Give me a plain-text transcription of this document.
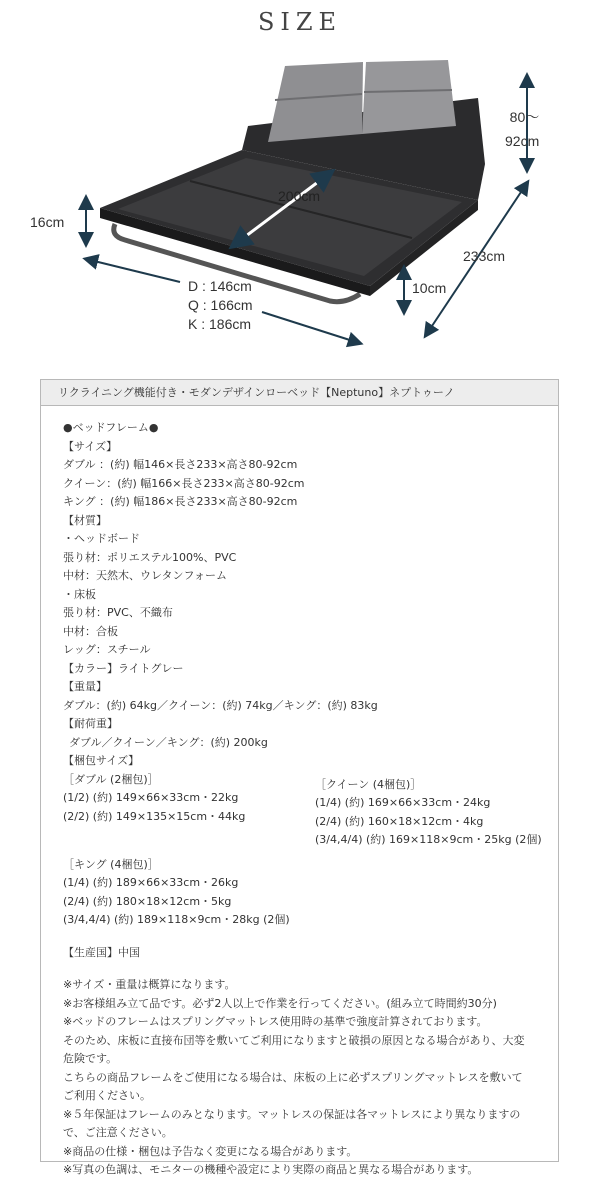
SIZE
80～
92cm
200cm
16cm
233cm
10cm
D : 146cm
Q : 166cm
K : 186cm
リクライニング機能付き・モダンデザインローベッド【Neptuno】ネプトゥーノ
●ベッドフレーム●
【サイズ】
ダブル ：(約) 幅146×長さ233×高さ80-92cm
クイーン：(約) 幅166×長さ233×高さ80-92cm
キング ：(約) 幅186×長さ233×高さ80-92cm
【材質】
・ヘッドボード
張り材：ポリエステル100%、PVC
中材：天然木、ウレタンフォーム
・床板
張り材：PVC、不織布
中材：合板
レッグ：スチール
【カラー】ライトグレー
【重量】
ダブル：(約) 64kg／クイーン：(約) 74kg／キング：(約) 83kg
【耐荷重】
ダブル／クイーン／キング：(約) 200kg
【梱包サイズ】
［ダブル (2梱包)］
(1/2) (約) 149×66×33cm・22kg
(2/2) (約) 149×135×15cm・44kg
［クイーン (4梱包)］
(1/4) (約) 169×66×33cm・24kg
(2/4) (約) 160×18×12cm・4kg
(3/4,4/4) (約) 169×118×9cm・25kg (2個)
［キング (4梱包)］
(1/4) (約) 189×66×33cm・26kg
(2/4) (約) 180×18×12cm・5kg
(3/4,4/4) (約) 189×118×9cm・28kg (2個)
【生産国】中国
※サイズ・重量は概算になります。
※お客様組み立て品です。必ず2人以上で作業を行ってください。(組み立て時間約30分)
※ベッドのフレームはスプリングマットレス使用時の基準で強度計算されております。
そのため、床板に直接布団等を敷いてご利用になりますと破損の原因となる場合があり、大変危険です。
こちらの商品フレームをご使用になる場合は、床板の上に必ずスプリングマットレスを敷いてご利用ください。
※５年保証はフレームのみとなります。マットレスの保証は各マットレスにより異なりますので、ご注意ください。
※商品の仕様・梱包は予告なく変更になる場合があります。
※写真の色調は、モニターの機種や設定により実際の商品と異なる場合があります。
